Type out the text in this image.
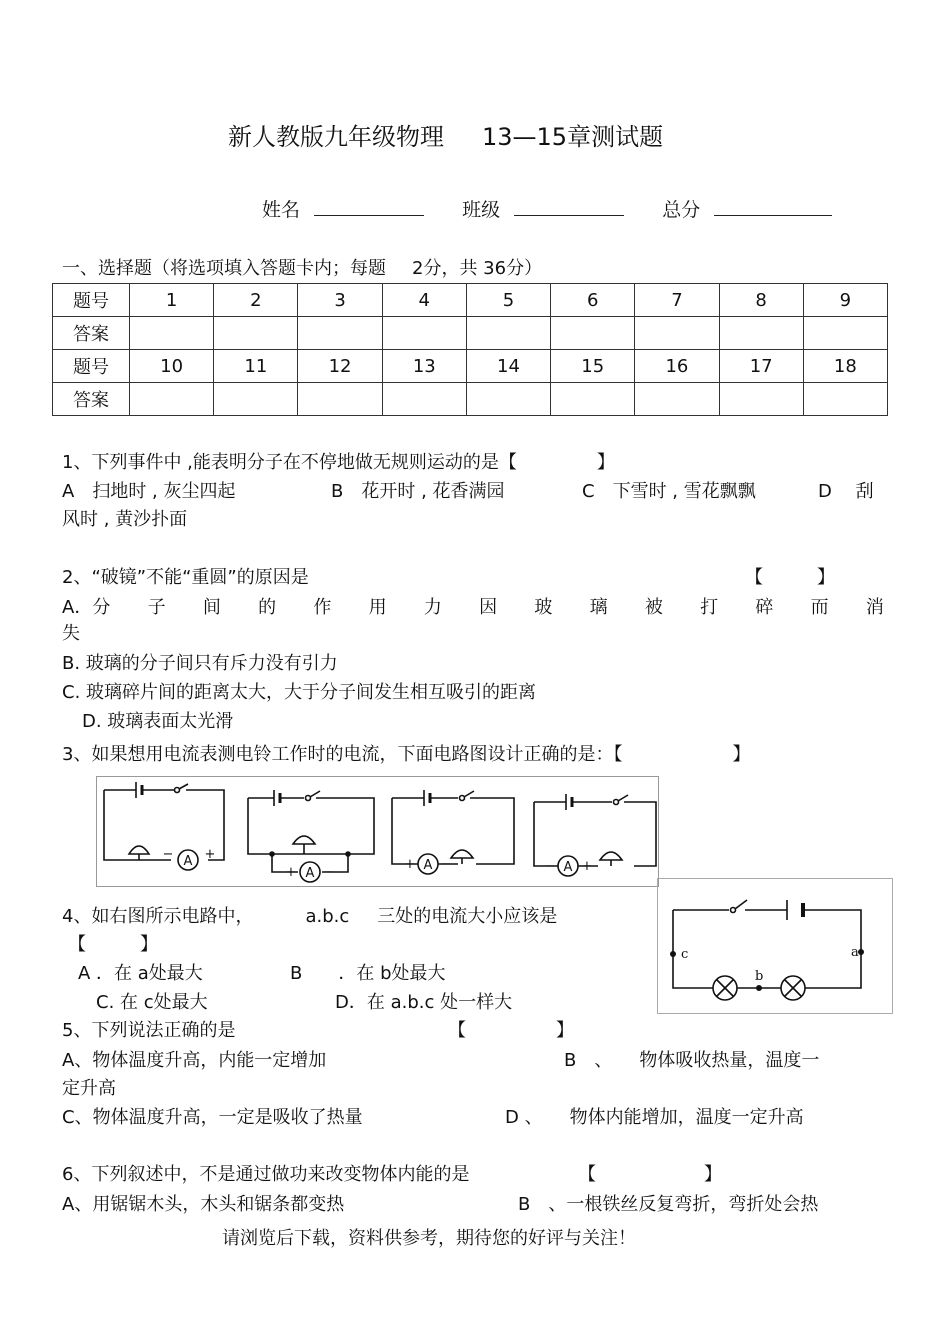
新人教版九年级物理 13—15章测试题
姓名	班级	总分
一、选择题（将选项填入答题卡内；每题 2分，共 36分）
题号	1	2	3	4	5	6	7	8	9
答案									
题号	10	11	12	13	14	15	16	17	18
答案									
1、下列事件中 ,能表明分子在不停地做无规则运动的是【	】
A　扫地时 , 灰尘四起	B　花开时 , 花香满园	C　下雪时 , 雪花飘飘	D　 刮
风时 , 黄沙扑面
2、“破镜”不能“重圆”的原因是	【　　　】
A．分 子 间 的 作 用 力 因 玻 璃 被 打 碎 而 消
失
B. 玻璃的分子间只有斥力没有引力
C. 玻璃碎片间的距离太大，大于分子间发生相互吸引的距离
D. 玻璃表面太光滑
3、如果想用电流表测电铃工作时的电流，下面电路图设计正确的是：【	】
A +
−
A
+ −	A
+ −	A
− +
4、如右图所示电路中，	a.b.c 三处的电流大小应该是
【　　　】
A ．在 a处最大	B　　．在 b处最大
C. 在 c处最大	D．在 a.b.c 处一样大
a
c
b
5、下列说法正确的是	【　　　　　】
A、物体温度升高，内能一定增加	B　、　　物体吸收热量，温度一
定升高
C、物体温度升高，一定是吸收了热量	D 、　　物体内能增加，温度一定升高
6、下列叙述中，不是通过做功来改变物体内能的是	【　　　　　　】
A、用锯锯木头，木头和锯条都变热	B　、一根铁丝反复弯折，弯折处会热
请浏览后下载，资料供参考，期待您的好评与关注！
